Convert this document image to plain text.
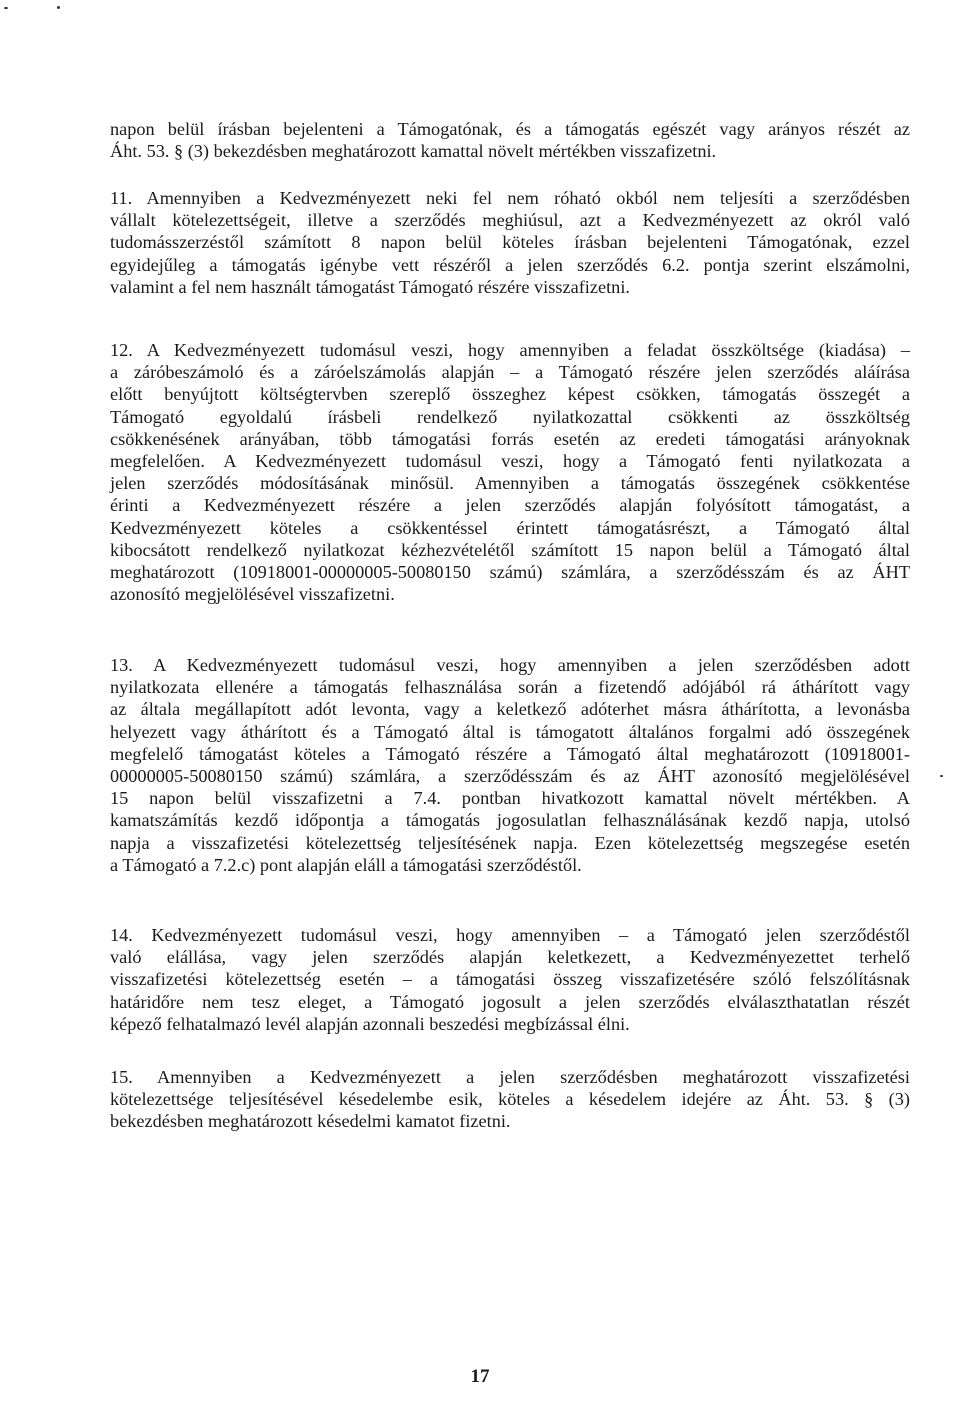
napon belül írásban bejelenteni a Támogatónak, és a támogatás egészét vagy arányos részét az
Áht. 53. § (3) bekezdésben meghatározott kamattal növelt mértékben visszafizetni.
11. Amennyiben a Kedvezményezett neki fel nem róható okból nem teljesíti a szerződésben
vállalt kötelezettségeit, illetve a szerződés meghiúsul, azt a Kedvezményezett az okról való
tudomásszerzéstől számított 8 napon belül köteles írásban bejelenteni Támogatónak, ezzel
egyidejűleg a támogatás igénybe vett részéről a jelen szerződés 6.2. pontja szerint elszámolni,
valamint a fel nem használt támogatást Támogató részére visszafizetni.
12. A Kedvezményezett tudomásul veszi, hogy amennyiben a feladat összköltsége (kiadása) –
a záróbeszámoló és a záróelszámolás alapján – a Támogató részére jelen szerződés aláírása
előtt benyújtott költségtervben szereplő összeghez képest csökken, támogatás összegét a
Támogató egyoldalú írásbeli rendelkező nyilatkozattal csökkenti az összköltség
csökkenésének arányában, több támogatási forrás esetén az eredeti támogatási arányoknak
megfelelően. A Kedvezményezett tudomásul veszi, hogy a Támogató fenti nyilatkozata a
jelen szerződés módosításának minősül. Amennyiben a támogatás összegének csökkentése
érinti a Kedvezményezett részére a jelen szerződés alapján folyósított támogatást, a
Kedvezményezett köteles a csökkentéssel érintett támogatásrészt, a Támogató által
kibocsátott rendelkező nyilatkozat kézhezvételétől számított 15 napon belül a Támogató által
meghatározott (10918001-00000005-50080150 számú) számlára, a szerződésszám és az ÁHT
azonosító megjelölésével visszafizetni.
13. A Kedvezményezett tudomásul veszi, hogy amennyiben a jelen szerződésben adott
nyilatkozata ellenére a támogatás felhasználása során a fizetendő adójából rá áthárított vagy
az általa megállapított adót levonta, vagy a keletkező adóterhet másra áthárította, a levonásba
helyezett vagy áthárított és a Támogató által is támogatott általános forgalmi adó összegének
megfelelő támogatást köteles a Támogató részére a Támogató által meghatározott (10918001-
00000005-50080150 számú) számlára, a szerződésszám és az ÁHT azonosító megjelölésével
15 napon belül visszafizetni a 7.4. pontban hivatkozott kamattal növelt mértékben. A
kamatszámítás kezdő időpontja a támogatás jogosulatlan felhasználásának kezdő napja, utolsó
napja a visszafizetési kötelezettség teljesítésének napja. Ezen kötelezettség megszegése esetén
a Támogató a 7.2.c) pont alapján eláll a támogatási szerződéstől.
14. Kedvezményezett tudomásul veszi, hogy amennyiben – a Támogató jelen szerződéstől
való elállása, vagy jelen szerződés alapján keletkezett, a Kedvezményezettet terhelő
visszafizetési kötelezettség esetén – a támogatási összeg visszafizetésére szóló felszólításnak
határidőre nem tesz eleget, a Támogató jogosult a jelen szerződés elválaszthatatlan részét
képező felhatalmazó levél alapján azonnali beszedési megbízással élni.
15. Amennyiben a Kedvezményezett a jelen szerződésben meghatározott visszafizetési
kötelezettsége teljesítésével késedelembe esik, köteles a késedelem idejére az Áht. 53. § (3)
bekezdésben meghatározott késedelmi kamatot fizetni.
17
